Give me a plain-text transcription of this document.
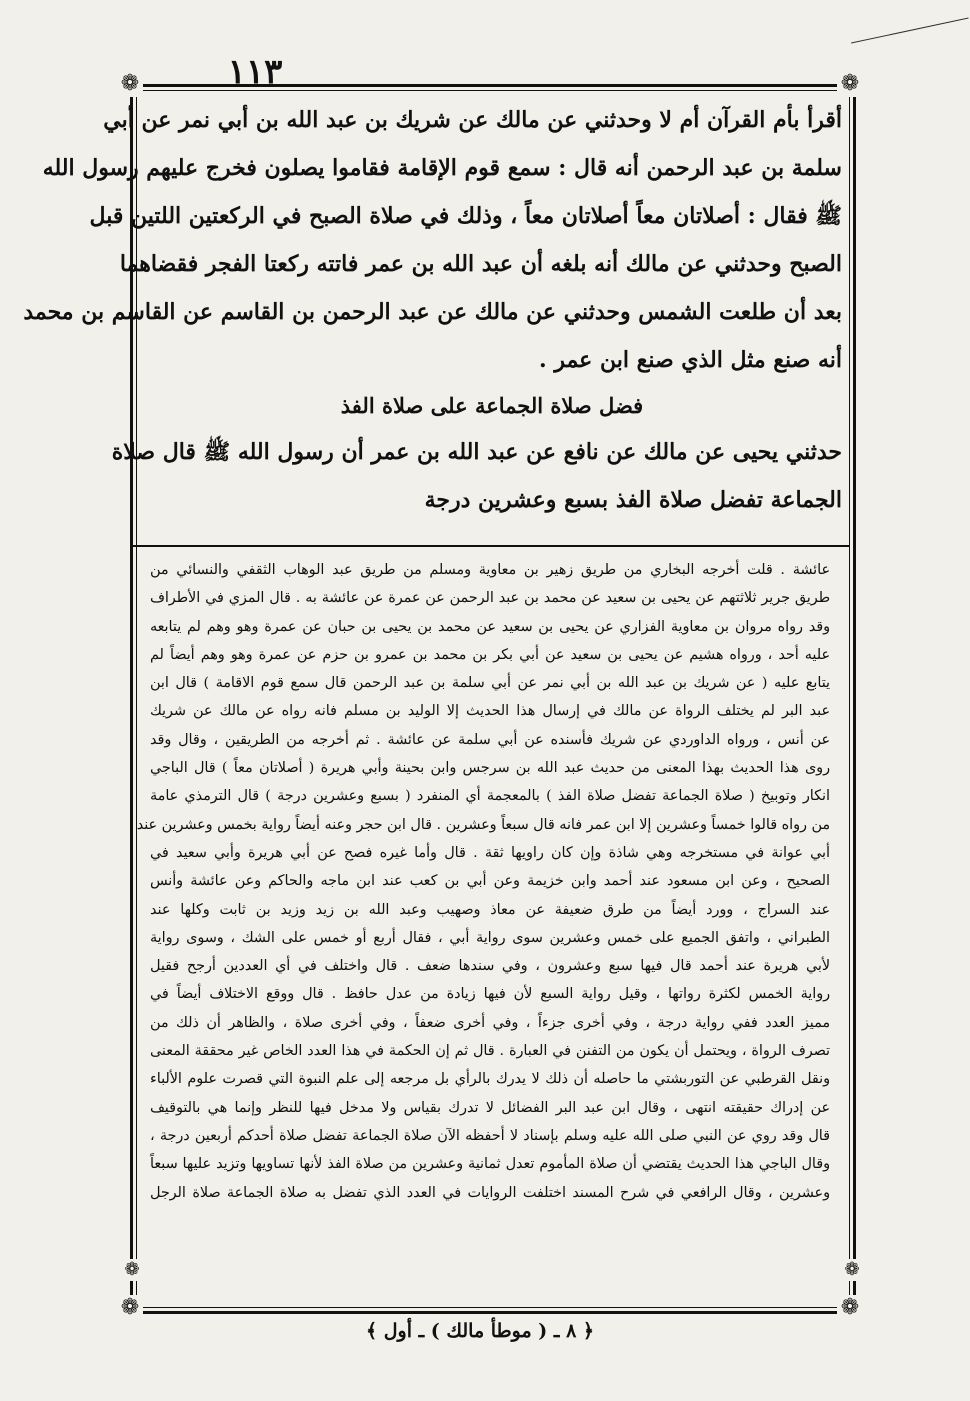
١١٣
❁	❁
❁	❁
❁	❁
أقرأ بأم القرآن أم لا وحدثني عن مالك عن شريك بن عبد الله بن أبي نمر عن أبي
سلمة بن عبد الرحمن أنه قال : سمع قوم الإقامة فقاموا يصلون فخرج عليهم رسول الله
ﷺ فقال : أصلاتان معاً أصلاتان معاً ، وذلك في صلاة الصبح في الركعتين اللتين قبل
الصبح وحدثني عن مالك أنه بلغه أن عبد الله بن عمر فاتته ركعتا الفجر فقضاهما
بعد أن طلعت الشمس وحدثني عن مالك عن عبد الرحمن بن القاسم عن القاسم بن محمد
أنه صنع مثل الذي صنع ابن عمر .
فضل صلاة الجماعة على صلاة الفذ
حدثني يحيى عن مالك عن نافع عن عبد الله بن عمر أن رسول الله ﷺ قال صلاة
الجماعة تفضل صلاة الفذ بسبع وعشرين درجة
عائشة . قلت أخرجه البخاري من طريق زهير بن معاوية ومسلم من طريق عبد الوهاب الثقفي والنسائي من
طريق جرير ثلاثتهم عن يحيى بن سعيد عن محمد بن عبد الرحمن عن عمرة عن عائشة به . قال المزي في الأطراف
وقد رواه مروان بن معاوية الفزاري عن يحيى بن سعيد عن محمد بن يحيى بن حبان عن عمرة وهو وهم لم يتابعه
عليه أحد ، ورواه هشيم عن يحيى بن سعيد عن أبي بكر بن محمد بن عمرو بن حزم عن عمرة وهو وهم أيضاً لم
يتابع عليه ( عن شريك بن عبد الله بن أبي نمر عن أبي سلمة بن عبد الرحمن قال سمع قوم الاقامة ) قال ابن
عبد البر لم يختلف الرواة عن مالك في إرسال هذا الحديث إلا الوليد بن مسلم فانه رواه عن مالك عن شريك
عن أنس ، ورواه الداوردي عن شريك فأسنده عن أبي سلمة عن عائشة . ثم أخرجه من الطريقين ، وقال وقد
روى هذا الحديث بهذا المعنى من حديث عبد الله بن سرجس وابن بحينة وأبي هريرة ( أصلاتان معاً ) قال الباجي
انكار وتوبيخ ( صلاة الجماعة تفضل صلاة الفذ ) بالمعجمة أي المنفرد ( بسبع وعشرين درجة ) قال الترمذي عامة
من رواه قالوا خمساً وعشرين إلا ابن عمر فانه قال سبعاً وعشرين . قال ابن حجر وعنه أيضاً رواية بخمس وعشرين عند
أبي عوانة في مستخرجه وهي شاذة وإن كان راويها ثقة . قال وأما غيره فصح عن أبي هريرة وأبي سعيد في
الصحيح ، وعن ابن مسعود عند أحمد وابن خزيمة وعن أبي بن كعب عند ابن ماجه والحاكم وعن عائشة وأنس
عند السراج ، وورد أيضاً من طرق ضعيفة عن معاذ وصهيب وعبد الله بن زيد وزيد بن ثابت وكلها عند
الطبراني ، واتفق الجميع على خمس وعشرين سوى رواية أبي ، فقال أربع أو خمس على الشك ، وسوى رواية
لأبي هريرة عند أحمد قال فيها سبع وعشرون ، وفي سندها ضعف . قال واختلف في أي العددين أرجح فقيل
رواية الخمس لكثرة رواتها ، وقيل رواية السبع لأن فيها زيادة من عدل حافظ . قال ووقع الاختلاف أيضاً في
مميز العدد ففي رواية درجة ، وفي أخرى جزءاً ، وفي أخرى ضعفاً ، وفي أخرى صلاة ، والظاهر أن ذلك من
تصرف الرواة ، ويحتمل أن يكون من التفنن في العبارة . قال ثم إن الحكمة في هذا العدد الخاص غير محققة المعنى
ونقل القرطبي عن التوربشتي ما حاصله أن ذلك لا يدرك بالرأي بل مرجعه إلى علم النبوة التي قصرت علوم الألباء
عن إدراك حقيقته انتهى ، وقال ابن عبد البر الفضائل لا تدرك بقياس ولا مدخل فيها للنظر وإنما هي بالتوقيف
قال وقد روي عن النبي صلى الله عليه وسلم بإسناد لا أحفظه الآن صلاة الجماعة تفضل صلاة أحدكم أربعين درجة ،
وقال الباجي هذا الحديث يقتضي أن صلاة المأموم تعدل ثمانية وعشرين من صلاة الفذ لأنها تساويها وتزيد عليها سبعاً
وعشرين ، وقال الرافعي في شرح المسند اختلفت الروايات في العدد الذي تفضل به صلاة الجماعة صلاة الرجل
﴿ ٨ ـ ( موطأ مالك ) ـ أول ﴾
